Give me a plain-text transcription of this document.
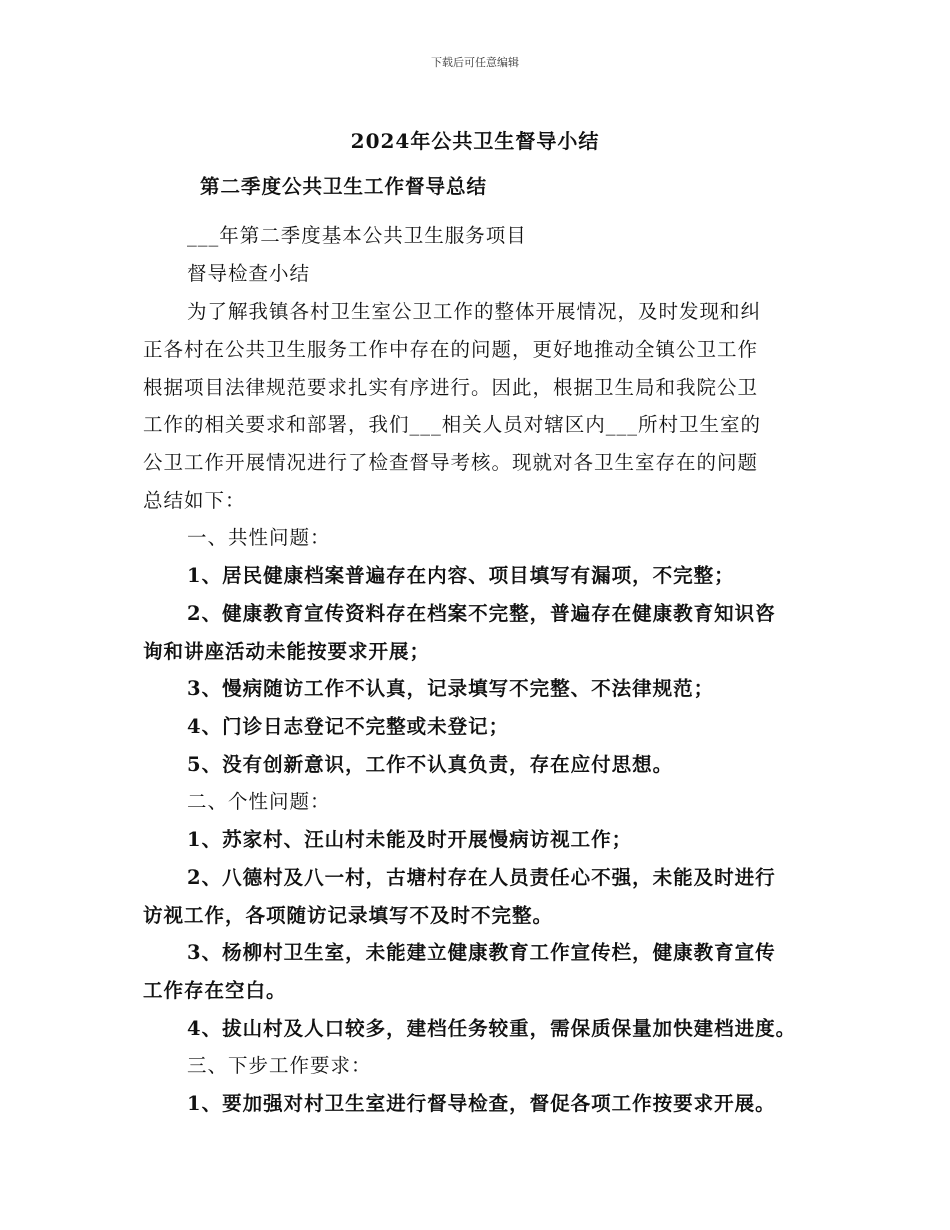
下载后可任意编辑
2024年公共卫生督导小结
第二季度公共卫生工作督导总结
___年第二季度基本公共卫生服务项目
督导检查小结
为了解我镇各村卫生室公卫工作的整体开展情况，及时发现和纠
正各村在公共卫生服务工作中存在的问题，更好地推动全镇公卫工作
根据项目法律规范要求扎实有序进行。因此，根据卫生局和我院公卫
工作的相关要求和部署，我们___相关人员对辖区内___所村卫生室的
公卫工作开展情况进行了检查督导考核。现就对各卫生室存在的问题
总结如下：
一、共性问题：
1、居民健康档案普遍存在内容、项目填写有漏项，不完整；
2、健康教育宣传资料存在档案不完整，普遍存在健康教育知识咨
询和讲座活动未能按要求开展；
3、慢病随访工作不认真，记录填写不完整、不法律规范；
4、门诊日志登记不完整或未登记；
5、没有创新意识，工作不认真负责，存在应付思想。
二、个性问题：
1、苏家村、汪山村未能及时开展慢病访视工作；
2、八德村及八一村，古塘村存在人员责任心不强，未能及时进行
访视工作，各项随访记录填写不及时不完整。
3、杨柳村卫生室，未能建立健康教育工作宣传栏，健康教育宣传
工作存在空白。
4、拔山村及人口较多，建档任务较重，需保质保量加快建档进度。
三、下步工作要求：
1、要加强对村卫生室进行督导检查，督促各项工作按要求开展。
